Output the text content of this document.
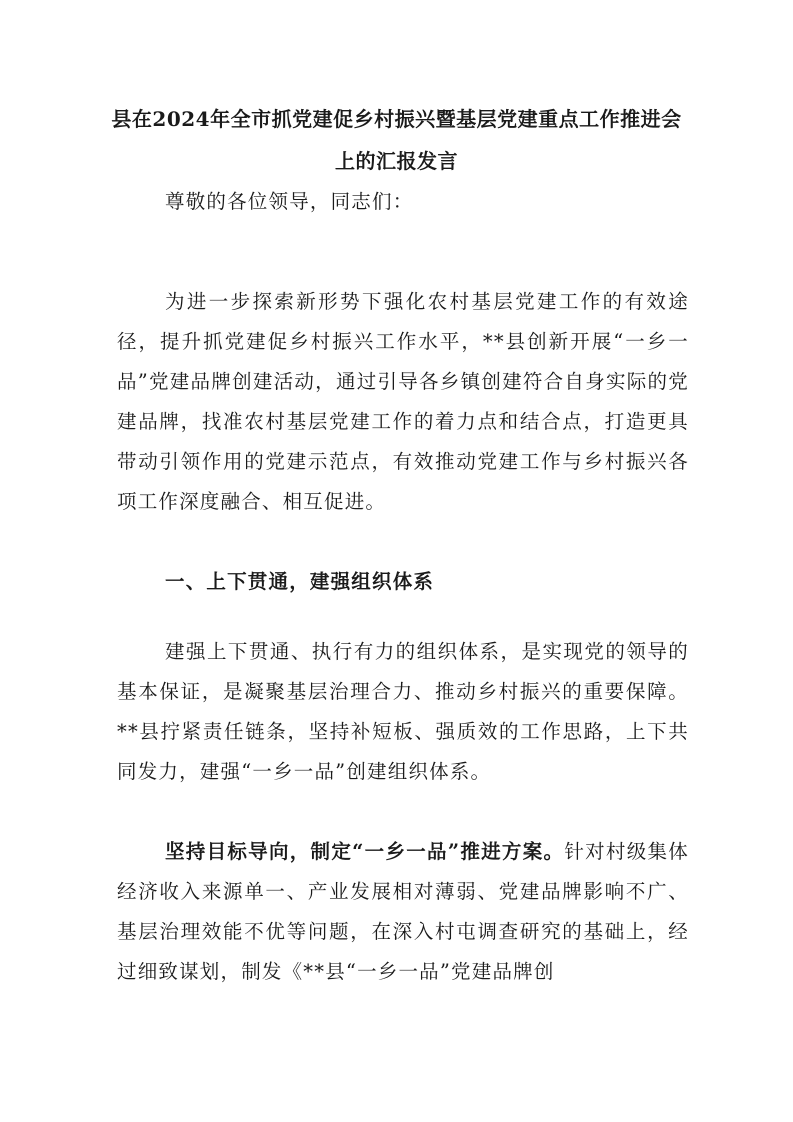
县在2024年全市抓党建促乡村振兴暨基层党建重点工作推进会上的汇报发言

尊敬的各位领导，同志们：

为进一步探索新形势下强化农村基层党建工作的有效途径，提升抓党建促乡村振兴工作水平，**县创新开展“一乡一品”党建品牌创建活动，通过引导各乡镇创建符合自身实际的党建品牌，找准农村基层党建工作的着力点和结合点，打造更具带动引领作用的党建示范点，有效推动党建工作与乡村振兴各项工作深度融合、相互促进。

一、上下贯通，建强组织体系

建强上下贯通、执行有力的组织体系，是实现党的领导的基本保证，是凝聚基层治理合力、推动乡村振兴的重要保障。**县拧紧责任链条，坚持补短板、强质效的工作思路，上下共同发力，建强“一乡一品”创建组织体系。

坚持目标导向，制定“一乡一品”推进方案。针对村级集体经济收入来源单一、产业发展相对薄弱、党建品牌影响不广、基层治理效能不优等问题，在深入村屯调查研究的基础上，经过细致谋划，制发《**县“一乡一品”党建品牌创
